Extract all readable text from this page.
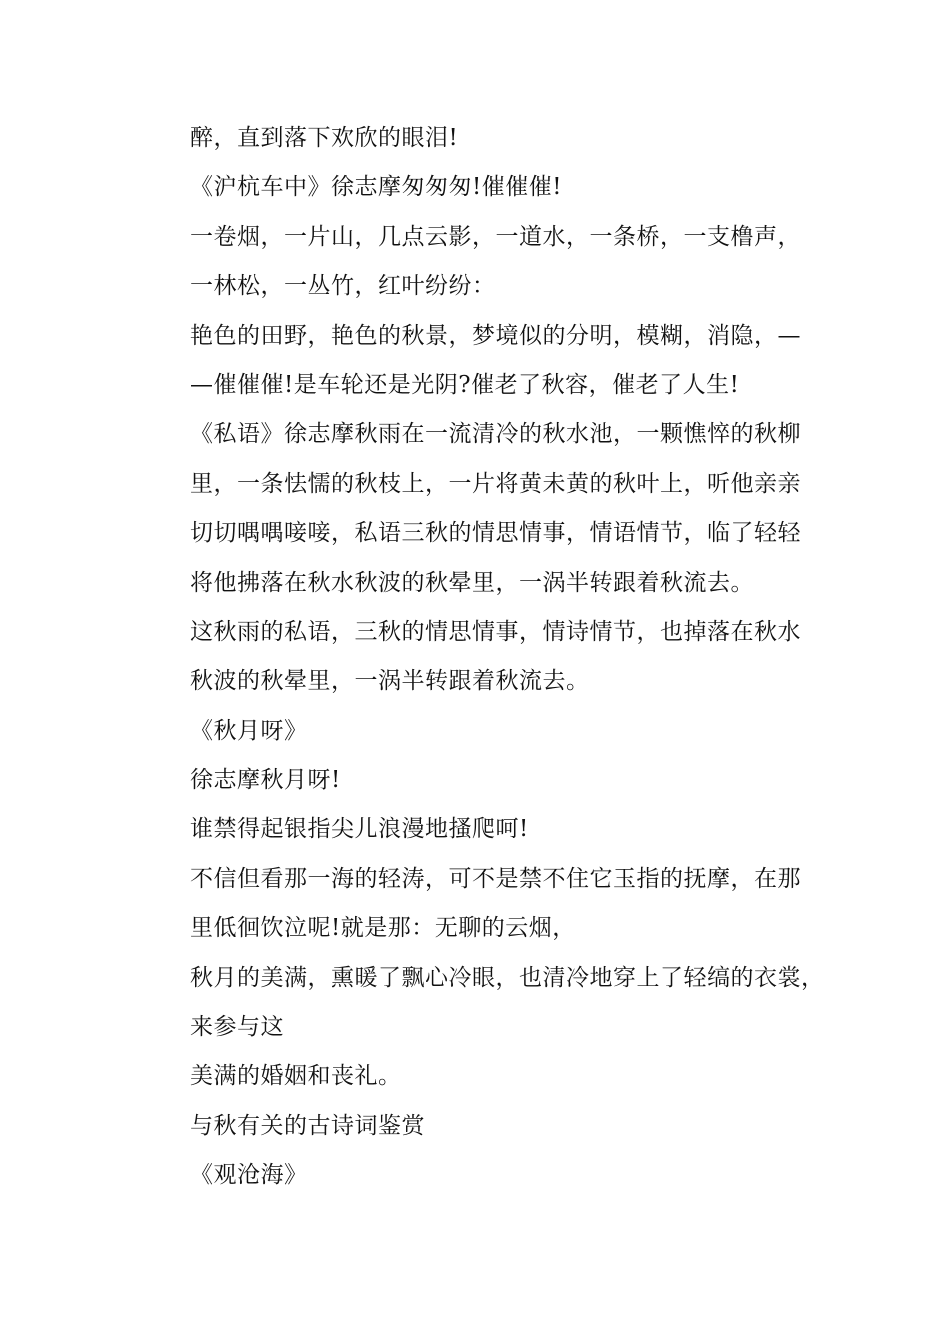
醉，直到落下欢欣的眼泪!
《沪杭车中》徐志摩匆匆匆!催催催!
一卷烟，一片山，几点云影，一道水，一条桥，一支橹声，
一林松，一丛竹，红叶纷纷：
艳色的田野，艳色的秋景，梦境似的分明，模糊，消隐，—
—催催催!是车轮还是光阴?催老了秋容，催老了人生!
《私语》徐志摩秋雨在一流清冷的秋水池，一颗憔悴的秋柳
里，一条怯懦的秋枝上，一片将黄未黄的秋叶上，听他亲亲
切切喁喁唼唼，私语三秋的情思情事，情语情节，临了轻轻
将他拂落在秋水秋波的秋晕里，一涡半转跟着秋流去。
这秋雨的私语，三秋的情思情事，情诗情节，也掉落在秋水
秋波的秋晕里，一涡半转跟着秋流去。
《秋月呀》
徐志摩秋月呀!
谁禁得起银指尖儿浪漫地搔爬呵!
不信但看那一海的轻涛，可不是禁不住它玉指的抚摩，在那
里低徊饮泣呢!就是那：无聊的云烟，
秋月的美满，熏暖了飘心冷眼，也清冷地穿上了轻缟的衣裳，
来参与这
美满的婚姻和丧礼。
与秋有关的古诗词鉴赏
《观沧海》
